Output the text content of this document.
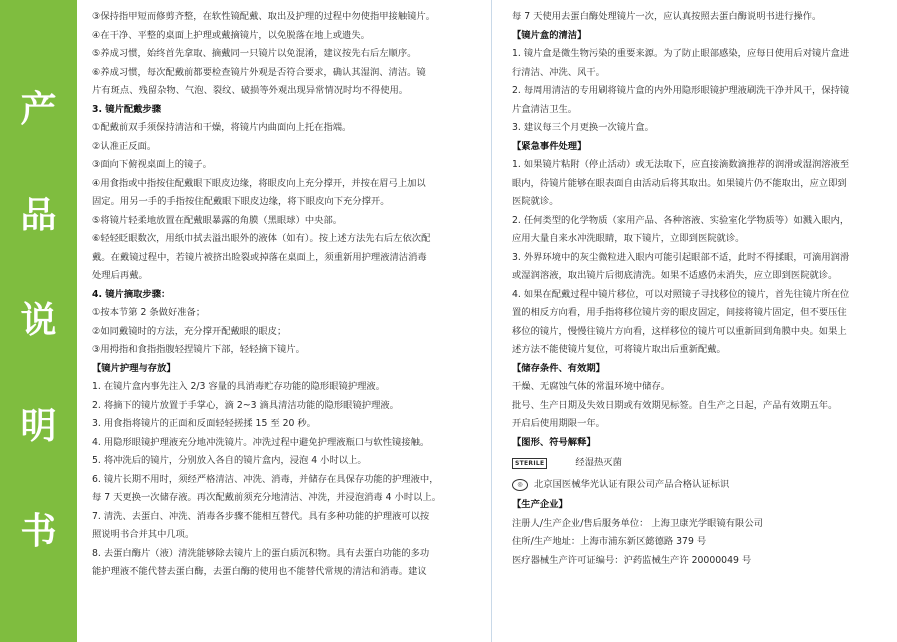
产
品
说
明
书
③保持指甲短而修剪齐整，在软性镜配戴、取出及护理的过程中勿使指甲接触镜片。
④在干净、平整的桌面上护理或戴摘镜片，以免脱落在地上或遗失。
⑤养成习惯，始终首先拿取、摘戴同一只镜片以免混淆，建议按先右后左顺序。
⑥养成习惯，每次配戴前都要检查镜片外观是否符合要求，确认其湿润、清洁。镜
片有斑点、残留杂物、气泡、裂纹、破损等外观出现异常情况时均不得使用。
3. 镜片配戴步骤
①配戴前双手须保持清洁和干燥，将镜片内曲面向上托在指端。
②认准正反面。
③面向下俯视桌面上的镜子。
④用食指或中指按住配戴眼下眼皮边缘，将眼皮向上充分撑开，并按在眉弓上加以
固定。用另一手的手指按住配戴眼下眼皮边缘，将下眼皮向下充分撑开。
⑤将镜片轻柔地放置在配戴眼暴露的角膜（黑眼球）中央部。
⑥轻轻眨眼数次，用纸巾拭去溢出眼外的液体（如有）。按上述方法先右后左依次配
戴。在戴镜过程中，若镜片被挤出睑裂或掉落在桌面上，须重新用护理液清洁消毒
处理后再戴。
4. 镜片摘取步骤：
①按本节第 2 条做好准备；
②如同戴镜时的方法，充分撑开配戴眼的眼皮；
③用拇指和食指指腹轻捏镜片下部，轻轻摘下镜片。
【镜片护理与存放】
1. 在镜片盒内事先注入 2/3 容量的具消毒贮存功能的隐形眼镜护理液。
2. 将摘下的镜片放置于手掌心，滴 2~3 滴具清洁功能的隐形眼镜护理液。
3. 用食指将镜片的正面和反面轻轻搓揉 15 至 20 秒。
4. 用隐形眼镜护理液充分地冲洗镜片。冲洗过程中避免护理液瓶口与软性镜接触。
5. 将冲洗后的镜片，分别放入各自的镜片盒内，浸泡 4 小时以上。
6. 镜片长期不用时，须经严格清洁、冲洗、消毒，并储存在具保存功能的护理液中，
每 7 天更换一次储存液。再次配戴前须充分地清洁、冲洗，并浸泡消毒 4 小时以上。
7. 清洗、去蛋白、冲洗、消毒各步骤不能相互替代。具有多种功能的护理液可以按
照说明书合并其中几项。
8. 去蛋白酶片（液）清洗能够除去镜片上的蛋白质沉积物。具有去蛋白功能的多功
能护理液不能代替去蛋白酶，去蛋白酶的使用也不能替代常规的清洁和消毒。建议
每 7 天使用去蛋白酶处理镜片一次，应认真按照去蛋白酶说明书进行操作。
【镜片盒的清洁】
1. 镜片盒是微生物污染的重要来源。为了防止眼部感染，应每日使用后对镜片盒进
行清洁、冲洗、风干。
2. 每周用清洁的专用刷将镜片盒的内外用隐形眼镜护理液刷洗干净并风干，保持镜
片盒清洁卫生。
3. 建议每三个月更换一次镜片盒。
【紧急事件处理】
1. 如果镜片粘附（停止活动）或无法取下，应直接滴数滴推荐的润滑或湿润溶液至
眼内，待镜片能够在眼表面自由活动后将其取出。如果镜片仍不能取出，应立即到
医院就诊。
2. 任何类型的化学物质（家用产品、各种溶液、实验室化学物质等）如溅入眼内，
应用大量自来水冲洗眼睛，取下镜片，立即到医院就诊。
3. 外界环境中的灰尘微粒进入眼内可能引起眼部不适，此时不得揉眼，可滴用润滑
或湿润溶液，取出镜片后彻底清洗。如果不适感仍未消失，应立即到医院就诊。
4. 如果在配戴过程中镜片移位，可以对照镜子寻找移位的镜片，首先往镜片所在位
置的相反方向看，用手指将移位镜片旁的眼皮固定，间接将镜片固定，但不要压住
移位的镜片，慢慢往镜片方向看，这样移位的镜片可以重新回到角膜中央。如果上
述方法不能使镜片复位，可将镜片取出后重新配戴。
【储存条件、有效期】
干燥、无腐蚀气体的常温环境中储存。
批号、生产日期及失效日期或有效期见标签。自生产之日起，产品有效期五年。
开启后使用期限一年。
【图形、符号解释】
STERILE	经湿热灭菌
◎	北京国医械华光认证有限公司产品合格认证标识
【生产企业】
注册人/生产企业/售后服务单位： 上海卫康光学眼镜有限公司
住所/生产地址：上海市浦东新区懿德路 379 号
医疗器械生产许可证编号：沪药监械生产许 20000049 号
